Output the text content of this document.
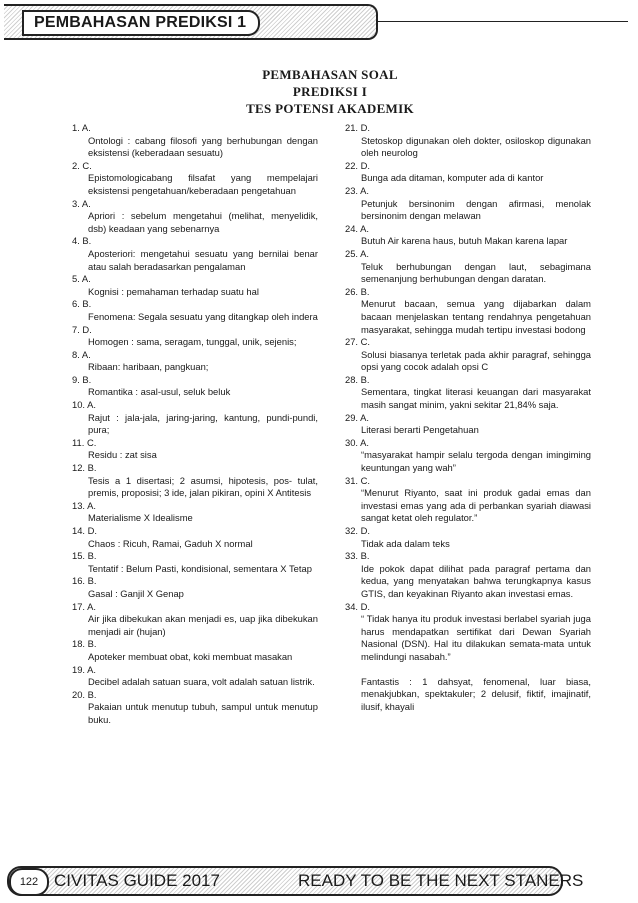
PEMBAHASAN PREDIKSI 1
PEMBAHASAN SOAL
PREDIKSI I
TES POTENSI AKADEMIK
1. A.
Ontologi : cabang filosofi yang berhubungan dengan eksistensi (keberadaan sesuatu)
2. C.
Epistomologicabang filsafat yang mempelajari eksistensi pengetahuan/keberadaan pengetahuan
3. A.
Apriori : sebelum mengetahui (melihat, menyelidik, dsb) keadaan yang sebenarnya
4. B.
Aposteriori: mengetahui sesuatu yang bernilai benar atau salah beradasarkan pengalaman
5. A.
Kognisi : pemahaman terhadap suatu hal
6. B.
Fenomena: Segala sesuatu yang ditangkap oleh indera
7. D.
Homogen : sama, seragam, tunggal, unik, sejenis;
8. A.
Ribaan: haribaan, pangkuan;
9. B.
Romantika : asal-usul, seluk beluk
10. A.
Rajut : jala-jala, jaring-jaring, kantung, pundi-pundi, pura;
11. C.
Residu : zat sisa
12. B.
Tesis a 1 disertasi; 2 asumsi, hipotesis, pos- tulat, premis, proposisi; 3 ide, jalan pikiran, opini X Antitesis
13. A.
Materialisme X Idealisme
14. D.
Chaos : Ricuh, Ramai, Gaduh X normal
15. B.
Tentatif : Belum Pasti, kondisional, sementara X Tetap
16. B.
Gasal : Ganjil X Genap
17. A.
Air jika dibekukan akan menjadi es, uap jika dibekukan menjadi air (hujan)
18. B.
Apoteker membuat obat, koki membuat masakan
19. A.
Decibel adalah satuan suara, volt adalah satuan listrik.
20. B.
Pakaian untuk menutup tubuh, sampul untuk menutup buku.
21. D.
Stetoskop digunakan oleh dokter, osiloskop digunakan oleh neurolog
22. D.
Bunga ada ditaman, komputer ada di kantor
23. A.
Petunjuk bersinonim dengan afirmasi, menolak bersinonim dengan melawan
24. A.
Butuh Air karena haus, butuh Makan karena lapar
25. A.
Teluk berhubungan dengan laut, sebagimana semenanjung berhubungan dengan daratan.
26. B.
Menurut bacaan, semua yang dijabarkan dalam bacaan menjelaskan tentang rendahnya pengetahuan masyarakat, sehingga mudah tertipu investasi bodong
27. C.
Solusi biasanya terletak pada akhir paragraf, sehingga opsi yang cocok adalah opsi C
28. B.
Sementara, tingkat literasi keuangan dari masyarakat masih sangat minim, yakni sekitar 21,84% saja.
29. A.
Literasi berarti Pengetahuan
30. A.
“masyarakat hampir selalu tergoda dengan imingiming keuntungan yang wah”
31. C.
“Menurut Riyanto, saat ini produk gadai emas dan investasi emas yang ada di perbankan syariah diawasi sangat ketat oleh regulator.”
32. D.
Tidak ada dalam teks
33. B.
Ide pokok dapat dilihat pada paragraf pertama dan kedua, yang menyatakan bahwa terungkapnya kasus GTIS, dan keyakinan Riyanto akan investasi emas.
34. D.
“ Tidak hanya itu produk investasi berlabel syariah juga harus mendapatkan sertifikat dari Dewan Syariah Nasional (DSN). Hal itu dilakukan semata-mata untuk melindungi nasabah.”
Fantastis : 1 dahsyat, fenomenal, luar biasa, menakjubkan, spektakuler; 2 delusif, fiktif, imajinatif, ilusif, khayali
122 CIVITAS GUIDE 2017	READY TO BE THE NEXT STANERS
